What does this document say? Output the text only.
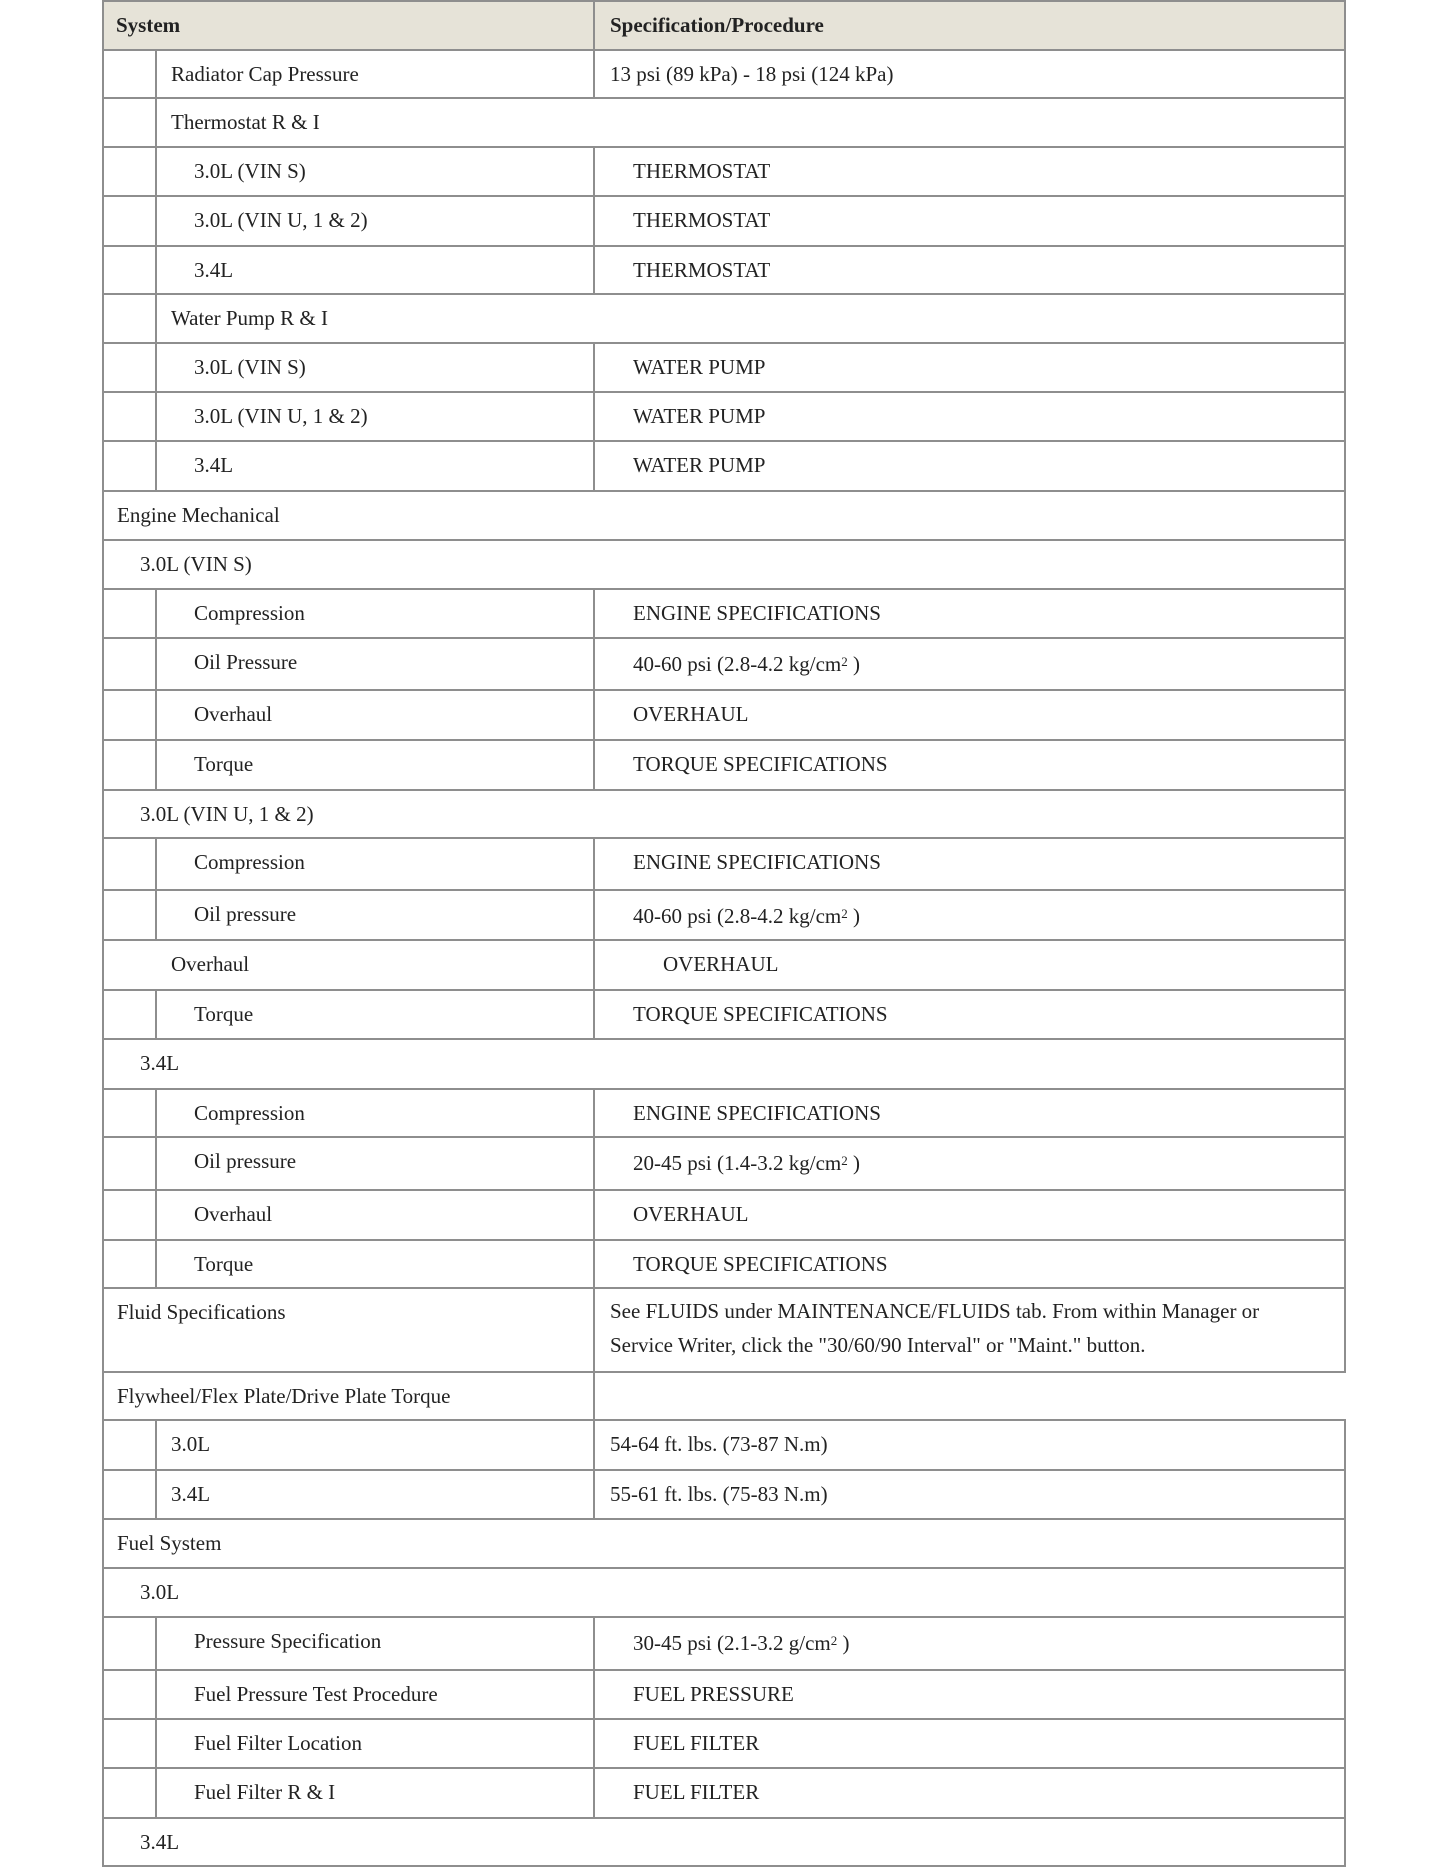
System	Specification/Procedure
Radiator Cap Pressure	13 psi (89 kPa) - 18 psi (124 kPa)
Thermostat R & I
3.0L (VIN S)	THERMOSTAT
3.0L (VIN U, 1 & 2)	THERMOSTAT
3.4L	THERMOSTAT
Water Pump R & I
3.0L (VIN S)	WATER PUMP
3.0L (VIN U, 1 & 2)	WATER PUMP
3.4L	WATER PUMP
Engine Mechanical
3.0L (VIN S)
Compression	ENGINE SPECIFICATIONS
Oil Pressure	40-60 psi (2.8-4.2 $kg/cm^2$ )
Overhaul	OVERHAUL
Torque	TORQUE SPECIFICATIONS
3.0L (VIN U, 1 & 2)
Compression	ENGINE SPECIFICATIONS
Oil pressure	40-60 psi (2.8-4.2 $kg/cm^2$ )
Overhaul	OVERHAUL
Torque	TORQUE SPECIFICATIONS
3.4L
Compression	ENGINE SPECIFICATIONS
Oil pressure	20-45 psi (1.4-3.2 $kg/cm^2$ )
Overhaul	OVERHAUL
Torque	TORQUE SPECIFICATIONS
Fluid Specifications	See FLUIDS under MAINTENANCE/FLUIDS tab. From within Manager or Service Writer, click the "30/60/90 Interval" or "Maint." button.
Flywheel/Flex Plate/Drive Plate Torque
3.0L	54-64 ft. lbs. (73-87 N.m)
3.4L	55-61 ft. lbs. (75-83 N.m)
Fuel System
3.0L
Pressure Specification	30-45 psi (2.1-3.2 $g/cm^2$ )
Fuel Pressure Test Procedure	FUEL PRESSURE
Fuel Filter Location	FUEL FILTER
Fuel Filter R & I	FUEL FILTER
3.4L
